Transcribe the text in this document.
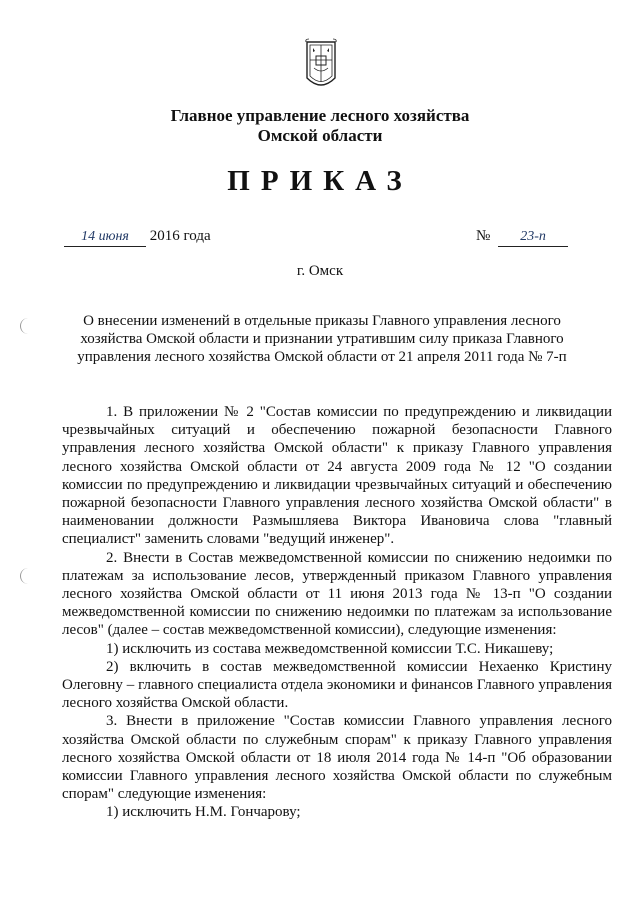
Главное управление лесного хозяйства
Омской области
ПРИКАЗ
14 июня 2016 года	№ 23-п
г. Омск
О внесении изменений в отдельные приказы Главного управления лесного хозяйства Омской области и признании утратившим силу приказа Главного управления лесного хозяйства Омской области от 21 апреля 2011 года № 7-п

1. В приложении № 2 "Состав комиссии по предупреждению и ликвидации чрезвычайных ситуаций и обеспечению пожарной безопасности Главного управления лесного хозяйства Омской области" к приказу Главного управления лесного хозяйства Омской области от 24 августа 2009 года № 12 "О создании комиссии по предупреждению и ликвидации чрезвычайных ситуаций и обеспечению пожарной безопасности Главного управления лесного хозяйства Омской области" в наименовании должности Размышляева Виктора Ивановича слова "главный специалист" заменить словами "ведущий инженер".

2. Внести в Состав межведомственной комиссии по снижению недоимки по платежам за использование лесов, утвержденный приказом Главного управления лесного хозяйства Омской области от 11 июня 2013 года № 13-п "О создании межведомственной комиссии по снижению недоимки по платежам за использование лесов" (далее – состав межведомственной комиссии), следующие изменения:

1) исключить из состава межведомственной комиссии Т.С. Никашеву;

2) включить в состав межведомственной комиссии Нехаенко Кристину Олеговну – главного специалиста отдела экономики и финансов Главного управления лесного хозяйства Омской области.

3. Внести в приложение "Состав комиссии Главного управления лесного хозяйства Омской области по служебным спорам" к приказу Главного управления лесного хозяйства Омской области от 18 июля 2014 года № 14-п "Об образовании комиссии Главного управления лесного хозяйства Омской области по служебным спорам" следующие изменения:

1) исключить Н.М. Гончарову;
